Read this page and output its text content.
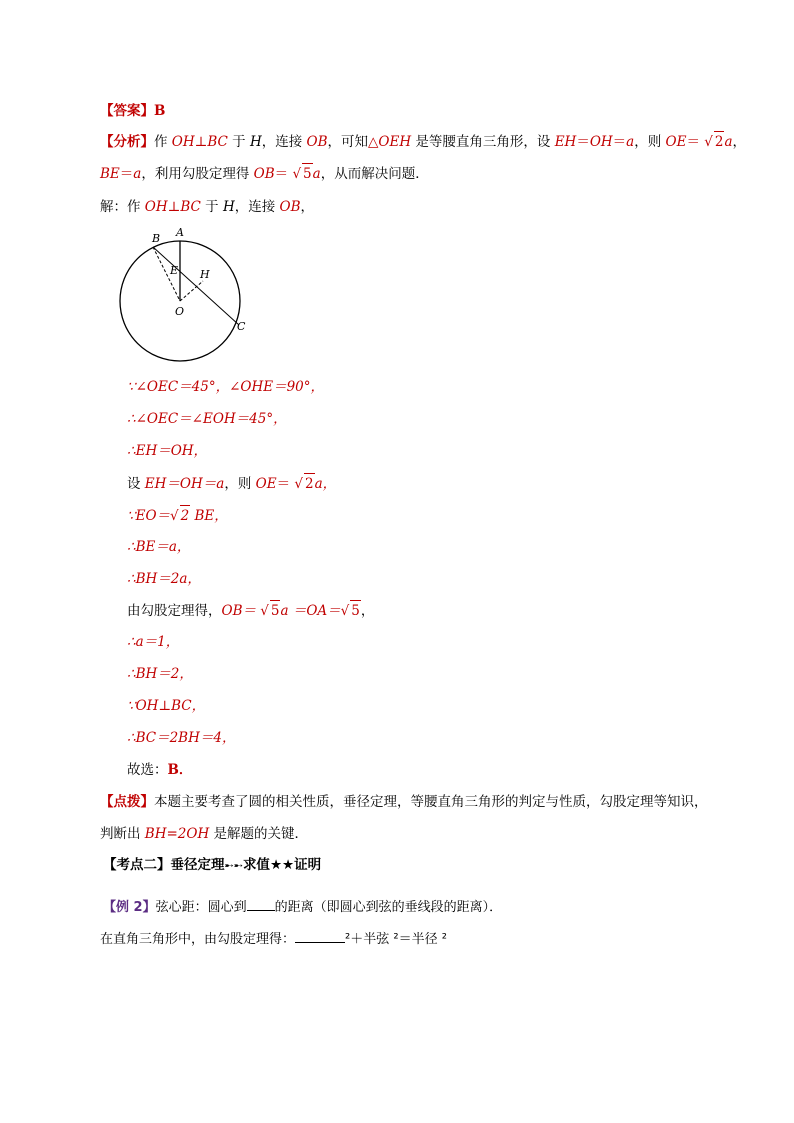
【答案】B
【分析】作 OH⊥BC 于 H，连接 OB，可知△OEH 是等腰直角三角形，设 EH＝OH＝a，则 OE＝ √ 2a，
BE＝a，利用勾股定理得 OB＝ √ 5a，从而解决问题．
解：作 OH⊥BC 于 H，连接 OB，
A
B
E H
O
C
∵∠OEC＝45°，∠OHE＝90°，
∴∠OEC＝∠EOH＝45°，
∴EH＝OH，
设 EH＝OH＝a，则 OE＝ √ 2a，
∵EO＝√ 2 BE，
∴BE＝a，
∴BH＝2a，
由勾股定理得，OB＝ √ 5a ＝OA＝√ 5，
∴a＝1，
∴BH＝2，
∵OH⊥BC，
∴BC＝2BH＝4，
故选：B．
【点拨】本题主要考查了圆的相关性质，垂径定理，等腰直角三角形的判定与性质，勾股定理等知识，
判断出 BH=2OH 是解题的关键．
【考点二】垂径定理➸➸求值★★证明
【例 2】弦心距：圆心到 的距离（即圆心到弦的垂线段的距离）．
在直角三角形中，由勾股定理得：	²＋半弦 ²＝半径 ²
